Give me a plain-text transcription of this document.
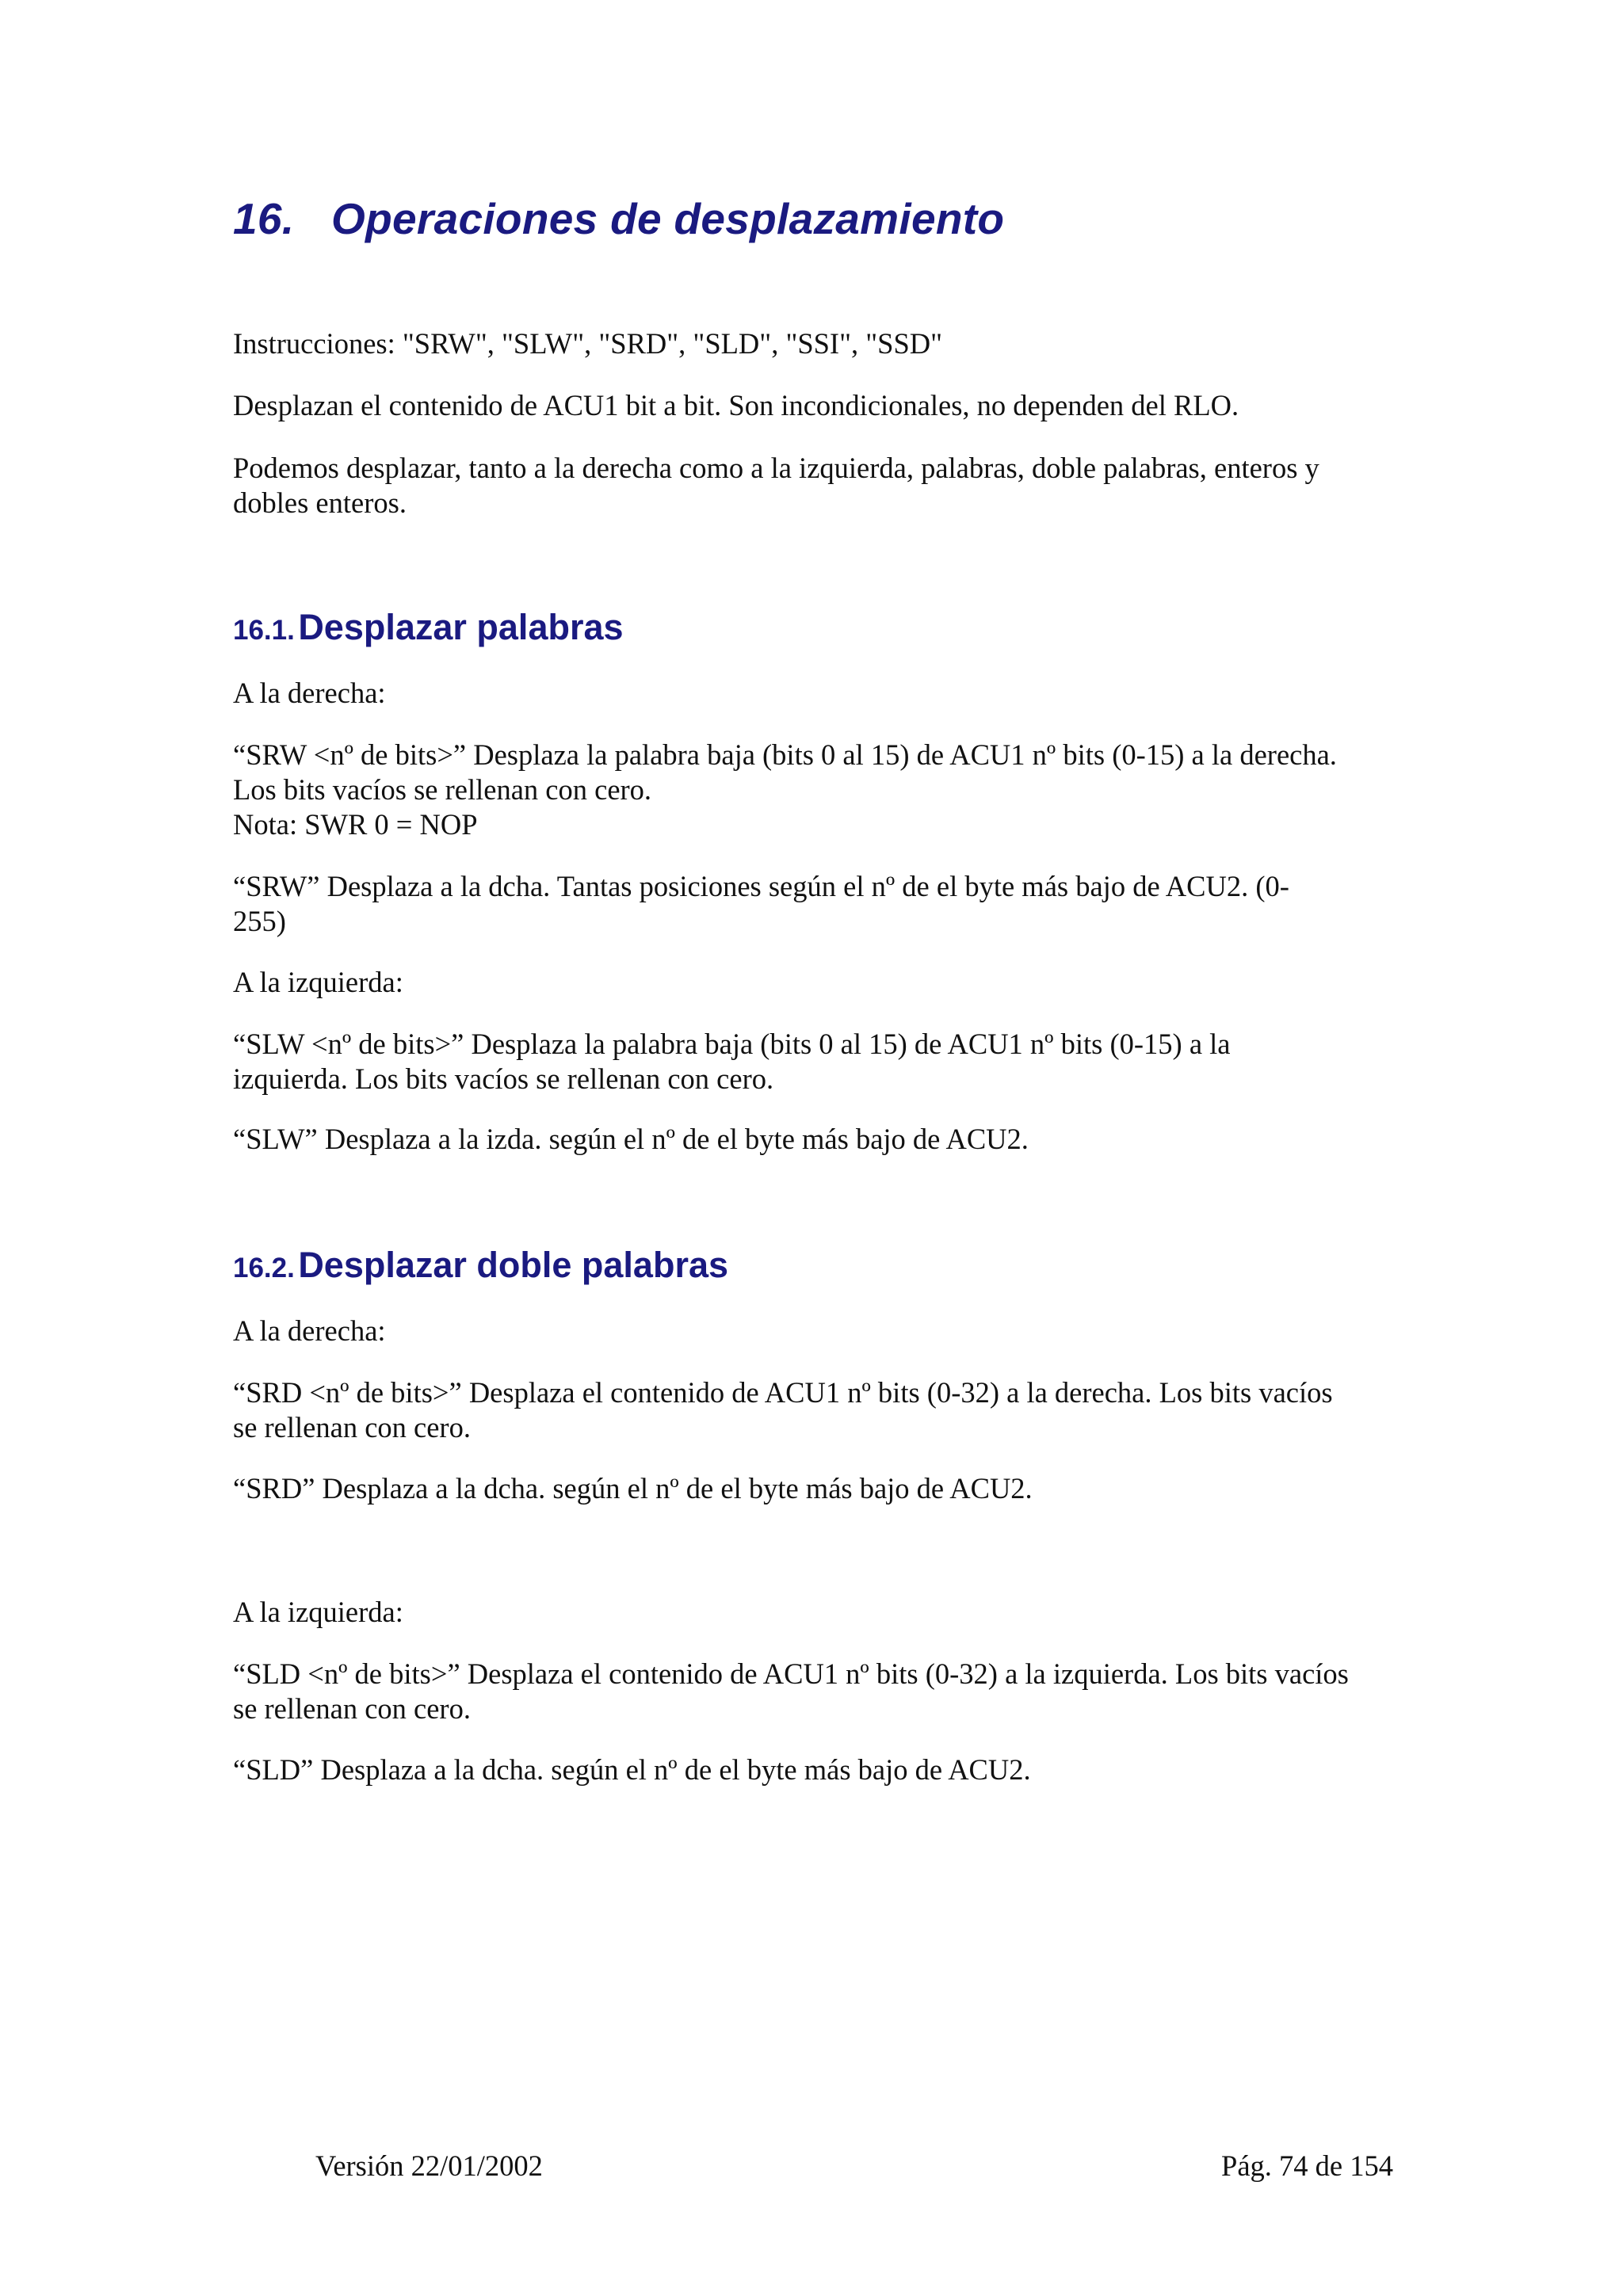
16. Operaciones de desplazamiento

Instrucciones: "SRW", "SLW", "SRD", "SLD", "SSI", "SSD"

Desplazan el contenido de ACU1 bit a bit. Son incondicionales, no dependen del RLO.

Podemos desplazar, tanto a la derecha como a la izquierda, palabras, doble palabras, enteros y
dobles enteros.

16.1. Desplazar palabras

A la derecha:

“SRW <nº de bits>” Desplaza la palabra baja (bits 0 al 15) de ACU1 nº bits (0-15) a la derecha.
Los bits vacíos se rellenan con cero.
Nota: SWR 0 = NOP

“SRW” Desplaza a la dcha. Tantas posiciones según el nº de el byte más bajo de ACU2. (0-
255)

A la izquierda:

“SLW <nº de bits>” Desplaza la palabra baja (bits 0 al 15) de ACU1 nº bits (0-15) a la
izquierda. Los bits vacíos se rellenan con cero.

“SLW” Desplaza a la izda. según el nº de el byte más bajo de ACU2.

16.2. Desplazar doble palabras

A la derecha:

“SRD <nº de bits>” Desplaza el contenido de ACU1 nº bits (0-32) a la derecha. Los bits vacíos
se rellenan con cero.

“SRD” Desplaza a la dcha. según el nº de el byte más bajo de ACU2.

A la izquierda:

“SLD <nº de bits>” Desplaza el contenido de ACU1 nº bits (0-32) a la izquierda. Los bits vacíos
se rellenan con cero.

“SLD” Desplaza a la dcha. según el nº de el byte más bajo de ACU2.

Versión 22/01/2002	Pág. 74 de 154
